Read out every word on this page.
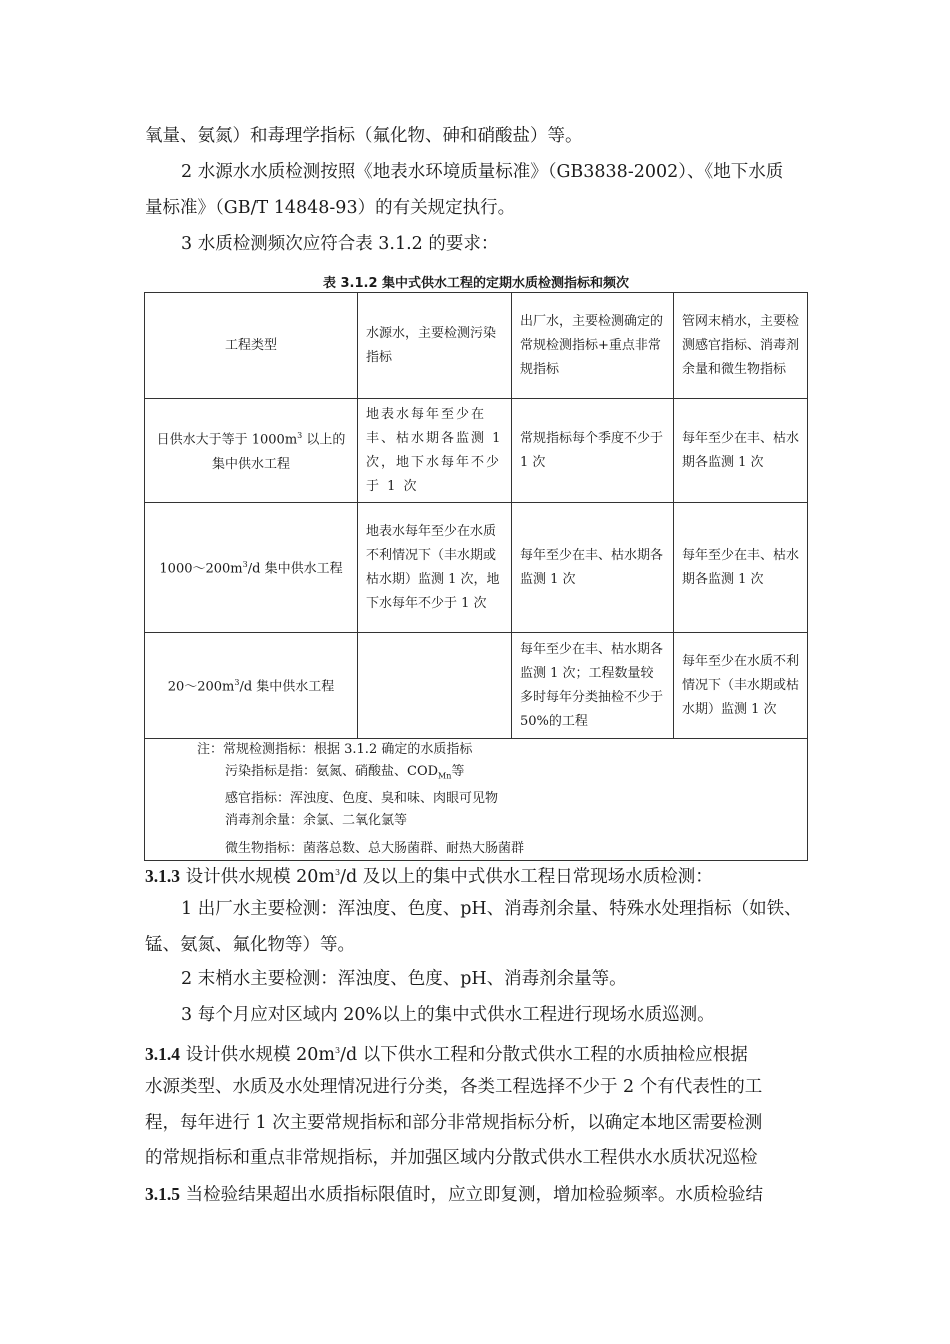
氧量、氨氮）和毒理学指标（氟化物、砷和硝酸盐）等。
2 水源水水质检测按照《地表水环境质量标准》（GB3838-2002）、《地下水质
量标准》（GB/T 14848-93）的有关规定执行。
3 水质检测频次应符合表 3.1.2 的要求：
表 3.1.2 集中式供水工程的定期水质检测指标和频次
工程类型	水源水，主要检测污染指标	出厂水，主要检测确定的常规检测指标+重点非常规指标	管网末梢水，主要检测感官指标、消毒剂余量和微生物指标
日供水大于等于 $1000m^3$ 以上的集中供水工程	地表水每年至少在丰、枯水期各监测 1 次，地下水每年不少于 1 次	常规指标每个季度不少于 1 次	每年至少在丰、枯水期各监测 1 次
$1000\sim 200m^3/d$ 集中供水工程	地表水每年至少在水质不利情况下（丰水期或枯水期）监测 1 次，地下水每年不少于 1 次	每年至少在丰、枯水期各监测 1 次	每年至少在丰、枯水期各监测 1 次
$20\sim 200m^3/d$ 集中供水工程		每年至少在丰、枯水期各监测 1 次；工程数量较多时每年分类抽检不少于 50%的工程	每年至少在水质不利情况下（丰水期或枯水期）监测 1 次

注：常规检测指标：根据 3.1.2 确定的水质指标
污染指标是指：氨氮、硝酸盐、$COD_{Mn}$等
感官指标：浑浊度、色度、臭和味、肉眼可见物
消毒剂余量：余氯、二氧化氯等
微生物指标：菌落总数、总大肠菌群、耐热大肠菌群			
3.1.3 设计供水规模 $20m^3/d$ 及以上的集中式供水工程日常现场水质检测：
1 出厂水主要检测：浑浊度、色度、pH、消毒剂余量、特殊水处理指标（如铁、
锰、氨氮、氟化物等）等。
2 末梢水主要检测：浑浊度、色度、pH、消毒剂余量等。
3 每个月应对区域内 20%以上的集中式供水工程进行现场水质巡测。
3.1.4 设计供水规模 $20m^3/d$ 以下供水工程和分散式供水工程的水质抽检应根据
水源类型、水质及水处理情况进行分类，各类工程选择不少于 2 个有代表性的工
程，每年进行 1 次主要常规指标和部分非常规指标分析，以确定本地区需要检测
的常规指标和重点非常规指标，并加强区域内分散式供水工程供水水质状况巡检
3.1.5 当检验结果超出水质指标限值时，应立即复测，增加检验频率。水质检验结
